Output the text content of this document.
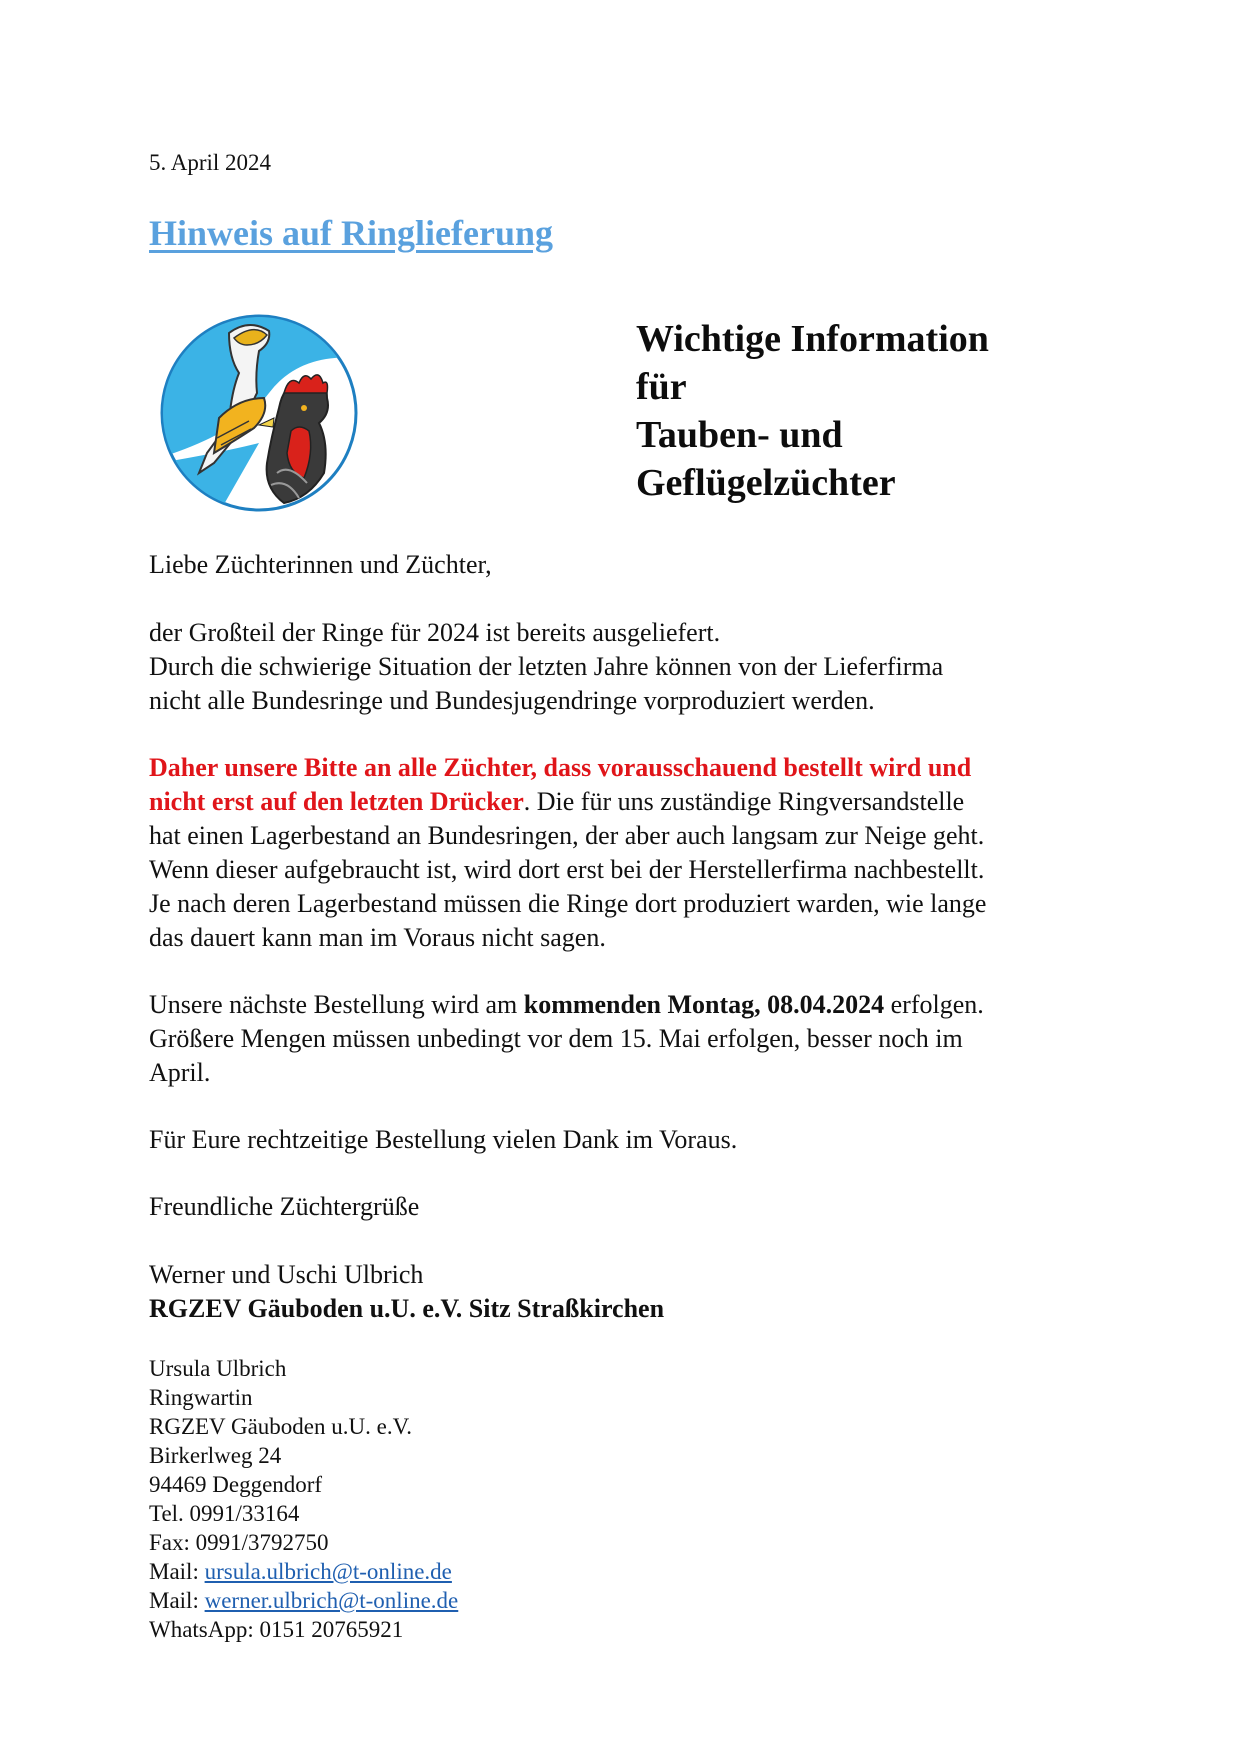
5. April 2024
Hinweis auf Ringlieferung
Wichtige Information
für
Tauben- und
Geflügelzüchter
Liebe Züchterinnen und Züchter,

der Großteil der Ringe für 2024 ist bereits ausgeliefert.

Durch die schwierige Situation der letzten Jahre können von der Lieferfirma

nicht alle Bundesringe und Bundesjugendringe vorproduziert werden.

Daher unsere Bitte an alle Züchter, dass vorausschauend bestellt wird und

nicht erst auf den letzten Drücker. Die für uns zuständige Ringversandstelle

hat einen Lagerbestand an Bundesringen, der aber auch langsam zur Neige geht.

Wenn dieser aufgebraucht ist, wird dort erst bei der Herstellerfirma nachbestellt.

Je nach deren Lagerbestand müssen die Ringe dort produziert warden, wie lange

das dauert kann man im Voraus nicht sagen.

Unsere nächste Bestellung wird am kommenden Montag, 08.04.2024 erfolgen.

Größere Mengen müssen unbedingt vor dem 15. Mai erfolgen, besser noch im

April.

Für Eure rechtzeitige Bestellung vielen Dank im Voraus.
Freundliche Züchtergrüße

Werner und Uschi Ulbrich

RGZEV Gäuboden u.U. e.V. Sitz Straßkirchen

Ursula Ulbrich
Ringwartin
RGZEV Gäuboden u.U. e.V.
Birkerlweg 24
94469 Deggendorf
Tel. 0991/33164
Fax: 0991/3792750
Mail: ursula.ulbrich@t-online.de
Mail: werner.ulbrich@t-online.de
WhatsApp: 0151 20765921
